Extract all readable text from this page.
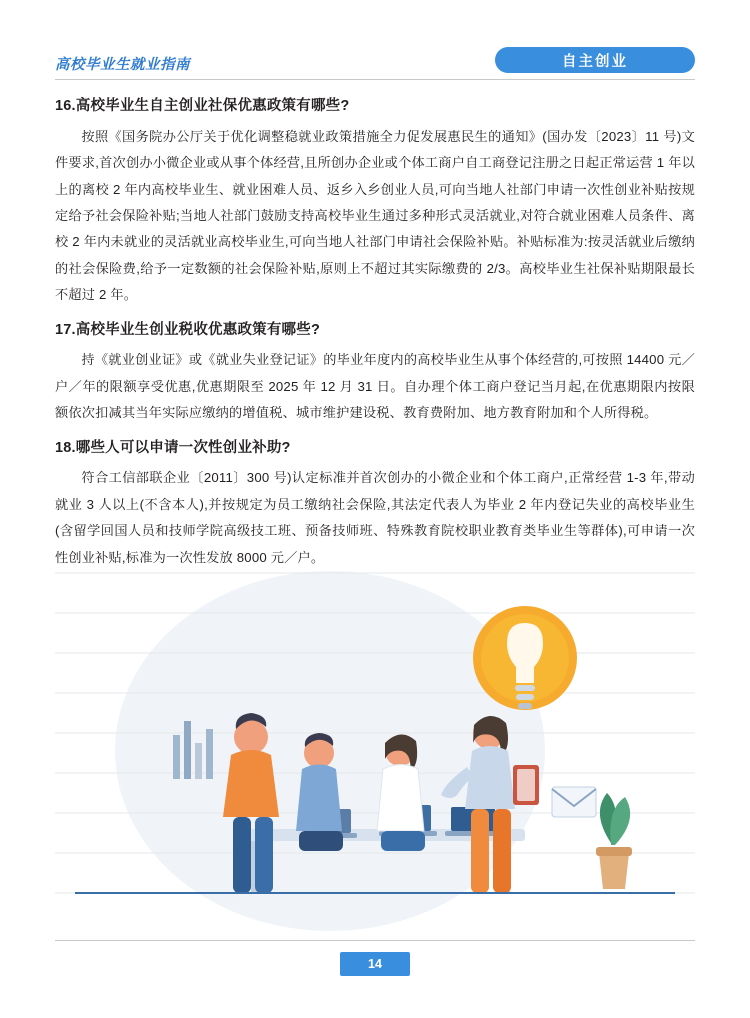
高校毕业生就业指南	自主创业
16.高校毕业生自主创业社保优惠政策有哪些?

按照《国务院办公厅关于优化调整稳就业政策措施全力促发展惠民生的通知》(国办发〔2023〕11 号)文件要求,首次创办小微企业或从事个体经营,且所创办企业或个体工商户自工商登记注册之日起正常运营 1 年以上的离校 2 年内高校毕业生、就业困难人员、返乡入乡创业人员,可向当地人社部门申请一次性创业补贴按规定给予社会保险补贴;当地人社部门鼓励支持高校毕业生通过多种形式灵活就业,对符合就业困难人员条件、离校 2 年内未就业的灵活就业高校毕业生,可向当地人社部门申请社会保险补贴。补贴标准为:按灵活就业后缴纳的社会保险费,给予一定数额的社会保险补贴,原则上不超过其实际缴费的 2/3。高校毕业生社保补贴期限最长不超过 2 年。

17.高校毕业生创业税收优惠政策有哪些?

持《就业创业证》或《就业失业登记证》的毕业年度内的高校毕业生从事个体经营的,可按照 14400 元／户／年的限额享受优惠,优惠期限至 2025 年 12 月 31 日。自办理个体工商户登记当月起,在优惠期限内按限额依次扣减其当年实际应缴纳的增值税、城市维护建设税、教育费附加、地方教育附加和个人所得税。

18.哪些人可以申请一次性创业补助?

符合工信部联企业〔2011〕300 号)认定标准并首次创办的小微企业和个体工商户,正常经营 1-3 年,带动就业 3 人以上(不含本人),并按规定为员工缴纳社会保险,其法定代表人为毕业 2 年内登记失业的高校毕业生(含留学回国人员和技师学院高级技工班、预备技师班、特殊教育院校职业教育类毕业生等群体),可申请一次性创业补贴,标准为一次性发放 8000 元／户。

14
